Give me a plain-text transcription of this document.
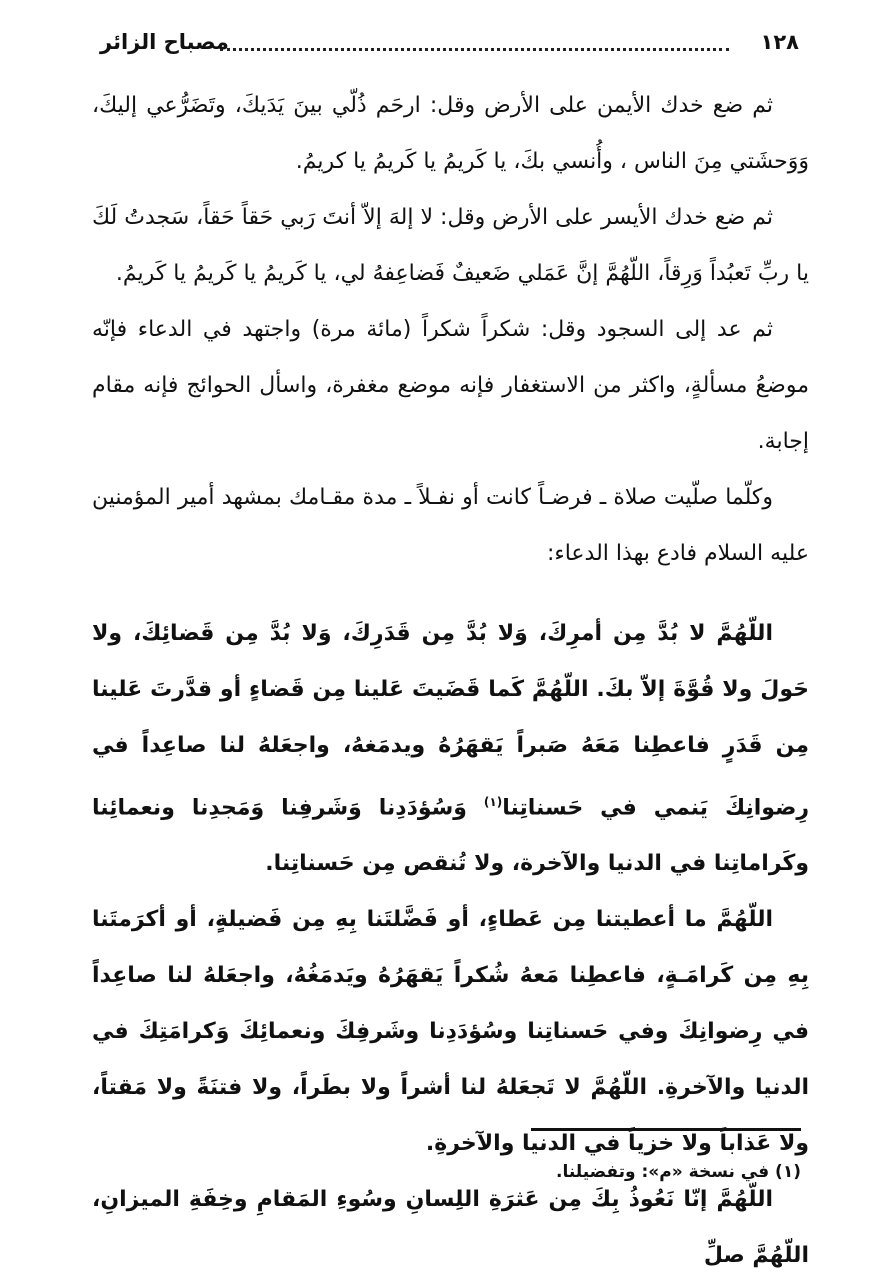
١٢٨
مصباح الزائر

ثم ضع خدك الأيمن على الأرض وقل: ارحَم ذُلّي بينَ يَدَيكَ، وتَضَرُّعي إليكَ، وَوَحشَتي مِنَ الناس ، وأُنسي بكَ، يا كَريمُ يا كَريمُ يا كريمُ.

ثم ضع خدك الأيسر على الأرض وقل: لا إلهَ إلاّ أنتَ رَبي حَقاً حَقاً، سَجدتُ لَكَ يا ربِّ تَعبُداً وَرِقاً، اللّهُمَّ إنَّ عَمَلي ضَعيفٌ فَضاعِفهُ لي، يا كَريمُ يا كَريمُ يا كَريمُ.

ثم عد إلى السجود وقل: شكراً شكراً (مائة مرة) واجتهد في الدعاء فإنّه موضعُ مسألةٍ، واكثر من الاستغفار فإنه موضع مغفرة، واسأل الحوائج فإنه مقام إجابة.

وكلّما صلّيت صلاة ـ فرضـاً كانت أو نفـلاً ـ مدة مقـامك بمشهد أمير المؤمنين عليه السلام فادع بهذا الدعاء:

اللّهُمَّ لا بُدَّ مِن أمرِكَ، وَلا بُدَّ مِن قَدَرِكَ، وَلا بُدَّ مِن قَضائِكَ، ولا حَولَ ولا قُوَّةَ إلاّ بكَ. اللّهُمَّ كَما قَضَيتَ عَلينا مِن قَضاءٍ أو قدَّرتَ عَلينا مِن قَدَرٍ فاعطِنا مَعَهُ صَبراً يَقهَرُهُ ويدمَغهُ، واجعَلهُ لنا صاعِداً في رِضوانِكَ يَنمي في حَسناتِنا$^{(١)}$ وَسُؤدَدِنا وَشَرفِنا وَمَجدِنا ونعمائِنا وكَراماتِنا في الدنيا والآخرة، ولا تُنقص مِن حَسناتِنا.

اللّهُمَّ ما أعطيتنا مِن عَطاءٍ، أو فَضَّلتَنا بِهِ مِن فَضيلةٍ، أو أكرَمتَنا بِهِ مِن كَرامَـةٍ، فاعطِنا مَعهُ شُكراً يَقهَرُهُ ويَدمَغُهُ، واجعَلهُ لنا صاعِداً في رِضوانِكَ وفي حَسناتِنا وسُؤدَدِنا وشَرفِكَ ونعمائِكَ وَكرامَتِكَ في الدنيا والآخرةِ. اللّهُمَّ لا تَجعَلهُ لنا أشراً ولا بطَراً، ولا فتنَةً ولا مَقتاً، ولا عَذاباً ولا خزياً في الدنيا والآخرةِ.

اللّهُمَّ إنّا نَعُوذُ بِكَ مِن عَثرَةِ اللِسانِ وسُوءِ المَقامِ وخِفَةِ الميزانِ، اللّهُمَّ صلِّ

(١) في نسخة «م»: وتفضيلنا.
